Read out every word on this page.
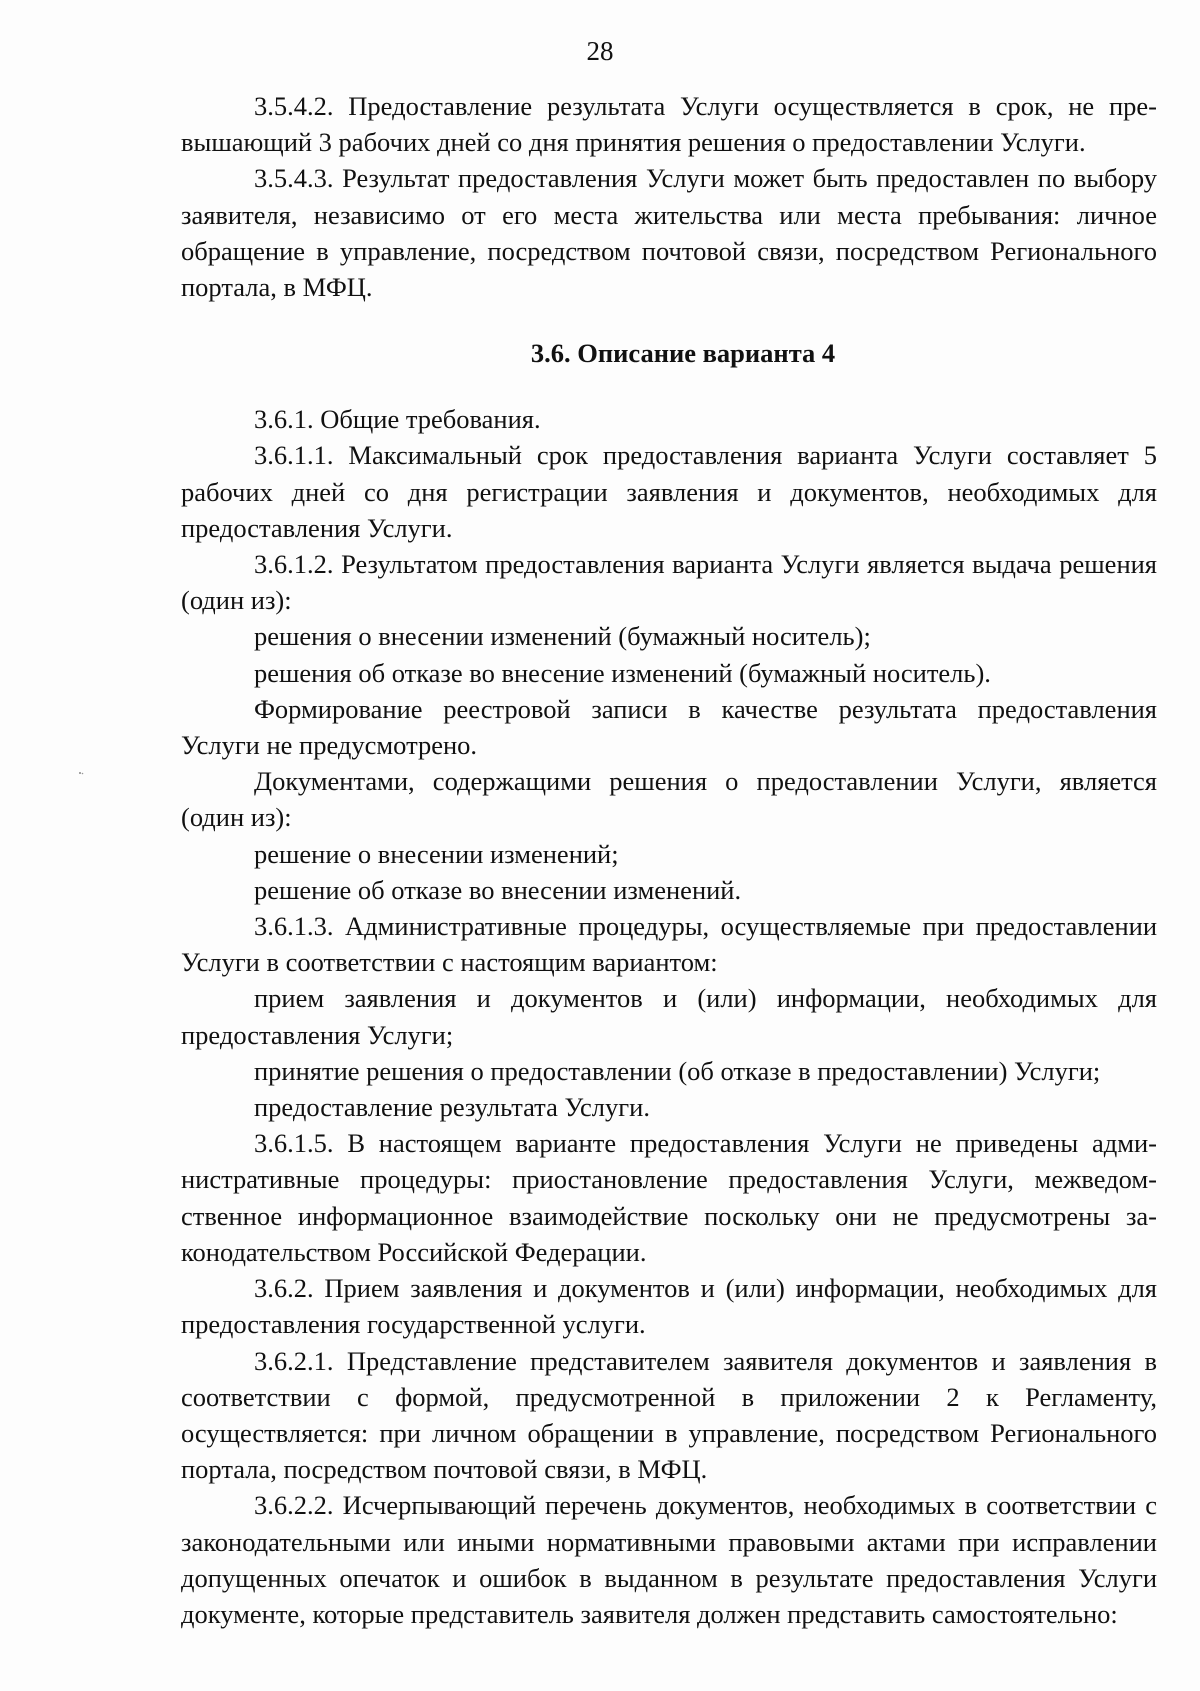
28

3.5.4.2. Предоставление результата Услуги осуществляется в срок, не превышающий 3 рабочих дней со дня принятия решения о предоставлении Услуги.

3.5.4.3. Результат предоставления Услуги может быть предоставлен по выбору заявителя, независимо от его места жительства или места пребывания: личное обращение в управление, посредством почтовой связи, посредством Регионального портала, в МФЦ.

3.6. Описание варианта 4

3.6.1. Общие требования.

3.6.1.1. Максимальный срок предоставления варианта Услуги составляет 5 рабочих дней со дня регистрации заявления и документов, необходимых для предоставления Услуги.

3.6.1.2. Результатом предоставления варианта Услуги является выдача решения (один из):

решения о внесении изменений (бумажный носитель);

решения об отказе во внесение изменений (бумажный носитель).

Формирование реестровой записи в качестве результата предоставления Услуги не предусмотрено.

Документами, содержащими решения о предоставлении Услуги, является (один из):

решение о внесении изменений;

решение об отказе во внесении изменений.

3.6.1.3. Административные процедуры, осуществляемые при предоставлении Услуги в соответствии с настоящим вариантом:

прием заявления и документов и (или) информации, необходимых для предоставления Услуги;

принятие решения о предоставлении (об отказе в предоставлении) Услуги;

предоставление результата Услуги.

3.6.1.5. В настоящем варианте предоставления Услуги не приведены административные процедуры: приостановление предоставления Услуги, межведомственное информационное взаимодействие поскольку они не предусмотрены законодательством Российской Федерации.

3.6.2. Прием заявления и документов и (или) информации, необходимых для предоставления государственной услуги.

3.6.2.1. Представление представителем заявителя документов и заявления в соответствии с формой, предусмотренной в приложении 2 к Регламенту, осуществляется: при личном обращении в управление, посредством Регионального портала, посредством почтовой связи, в МФЦ.

3.6.2.2. Исчерпывающий перечень документов, необходимых в соответствии с законодательными или иными нормативными правовыми актами при исправлении допущенных опечаток и ошибок в выданном в результате предоставления Услуги документе, которые представитель заявителя должен представить самостоятельно:
